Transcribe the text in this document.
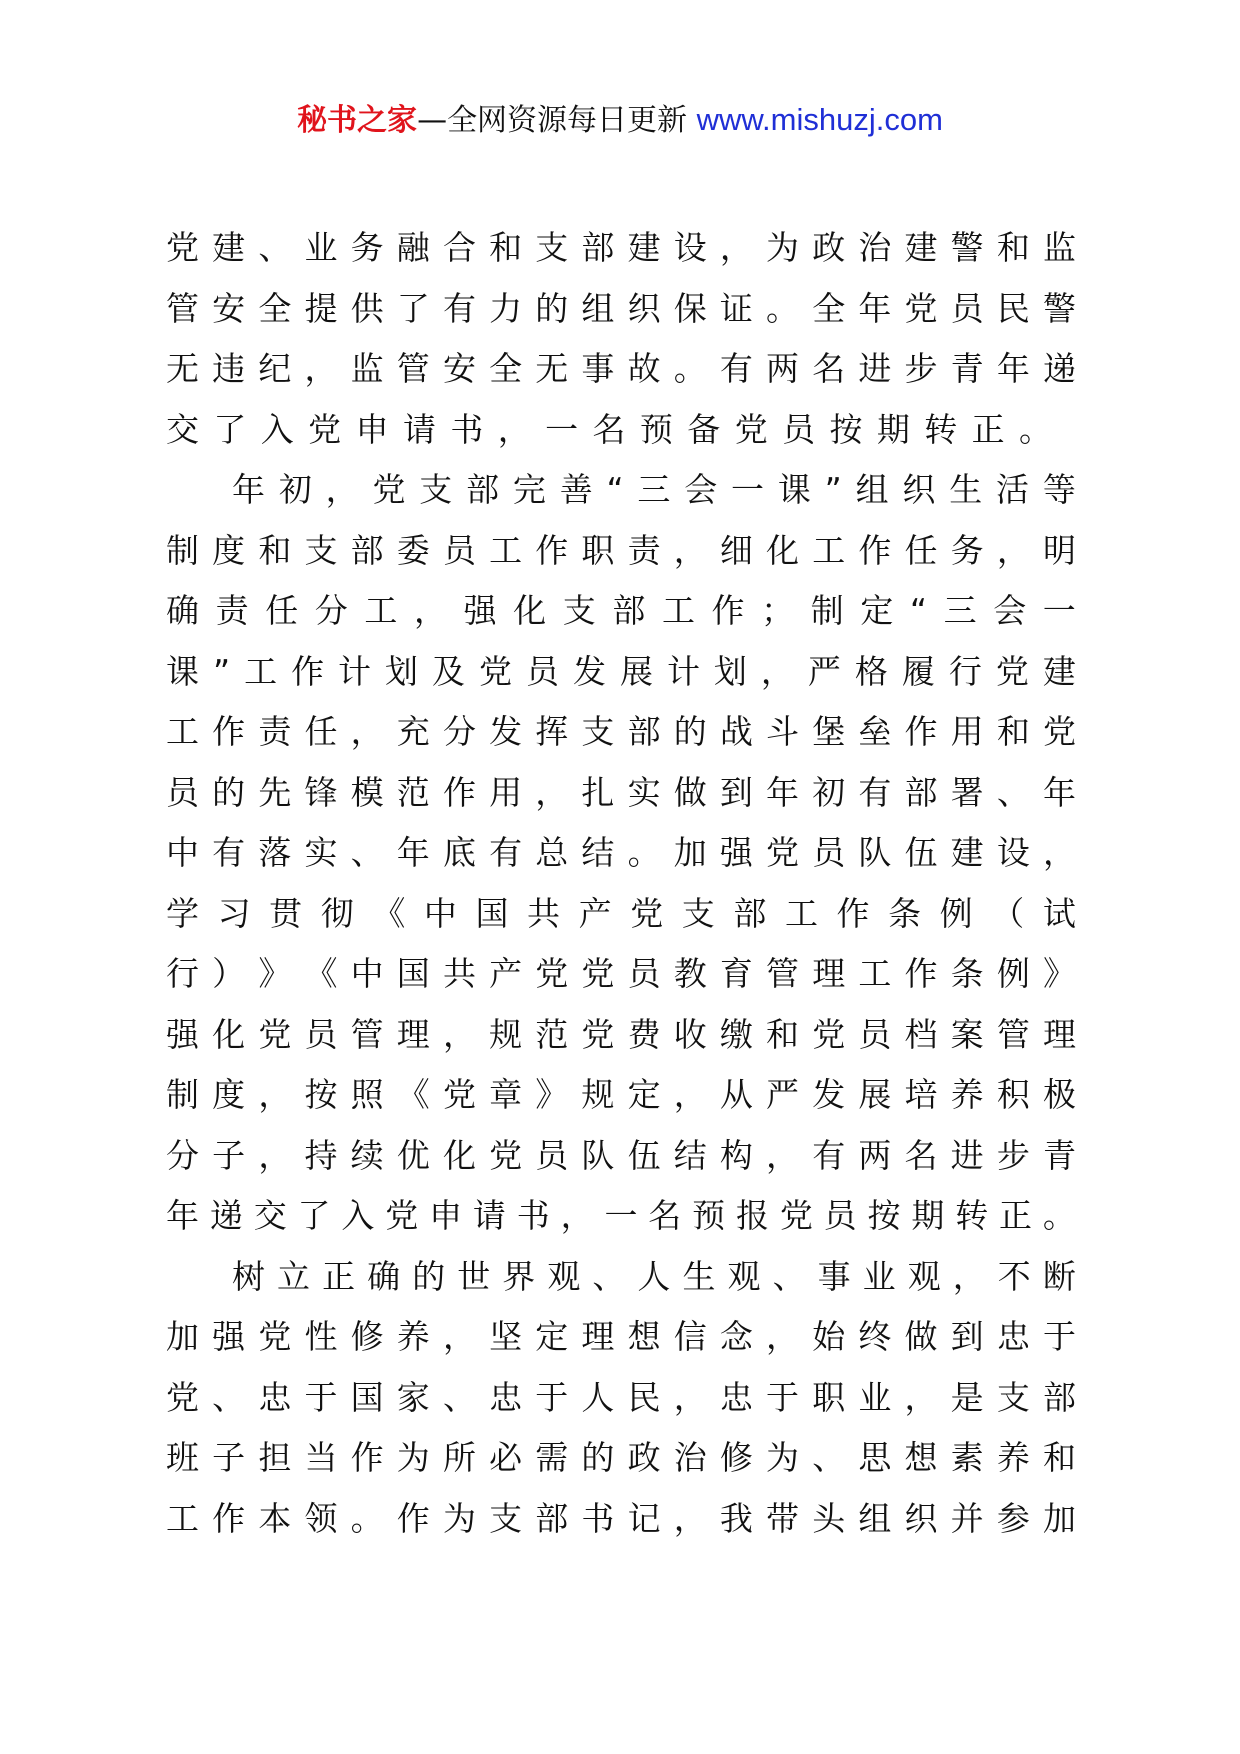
秘书之家—全网资源每日更新 www.mishuzj.com
党 建 、 业 务 融 合 和 支 部 建 设 ， 为 政 治 建 警 和 监
管 安 全 提 供 了 有 力 的 组 织 保 证 。 全 年 党 员 民 警
无 违 纪 ， 监 管 安 全 无 事 故 。 有 两 名 进 步 青 年 递
交 了 入 党 申 请 书 ， 一 名 预 备 党 员 按 期 转 正 。
年 初 ， 党 支 部 完 善 “ 三 会 一 课 ” 组 织 生 活 等
制 度 和 支 部 委 员 工 作 职 责 ， 细 化 工 作 任 务 ， 明
确 责 任 分 工 ， 强 化 支 部 工 作 ； 制 定 “ 三 会 一
课 ” 工 作 计 划 及 党 员 发 展 计 划 ， 严 格 履 行 党 建
工 作 责 任 ， 充 分 发 挥 支 部 的 战 斗 堡 垒 作 用 和 党
员 的 先 锋 模 范 作 用 ， 扎 实 做 到 年 初 有 部 署 、 年
中 有 落 实 、 年 底 有 总 结 。 加 强 党 员 队 伍 建 设 ，
学 习 贯 彻 《 中 国 共 产 党 支 部 工 作 条 例 （ 试
行 ） 》 《 中 国 共 产 党 党 员 教 育 管 理 工 作 条 例 》
强 化 党 员 管 理 ， 规 范 党 费 收 缴 和 党 员 档 案 管 理
制 度 ， 按 照 《 党 章 》 规 定 ， 从 严 发 展 培 养 积 极
分 子 ， 持 续 优 化 党 员 队 伍 结 构 ， 有 两 名 进 步 青
年 递 交 了 入 党 申 请 书 ， 一 名 预 报 党 员 按 期 转 正 。
树 立 正 确 的 世 界 观 、 人 生 观 、 事 业 观 ， 不 断
加 强 党 性 修 养 ， 坚 定 理 想 信 念 ， 始 终 做 到 忠 于
党 、 忠 于 国 家 、 忠 于 人 民 ， 忠 于 职 业 ， 是 支 部
班 子 担 当 作 为 所 必 需 的 政 治 修 为 、 思 想 素 养 和
工 作 本 领 。 作 为 支 部 书 记 ， 我 带 头 组 织 并 参 加
